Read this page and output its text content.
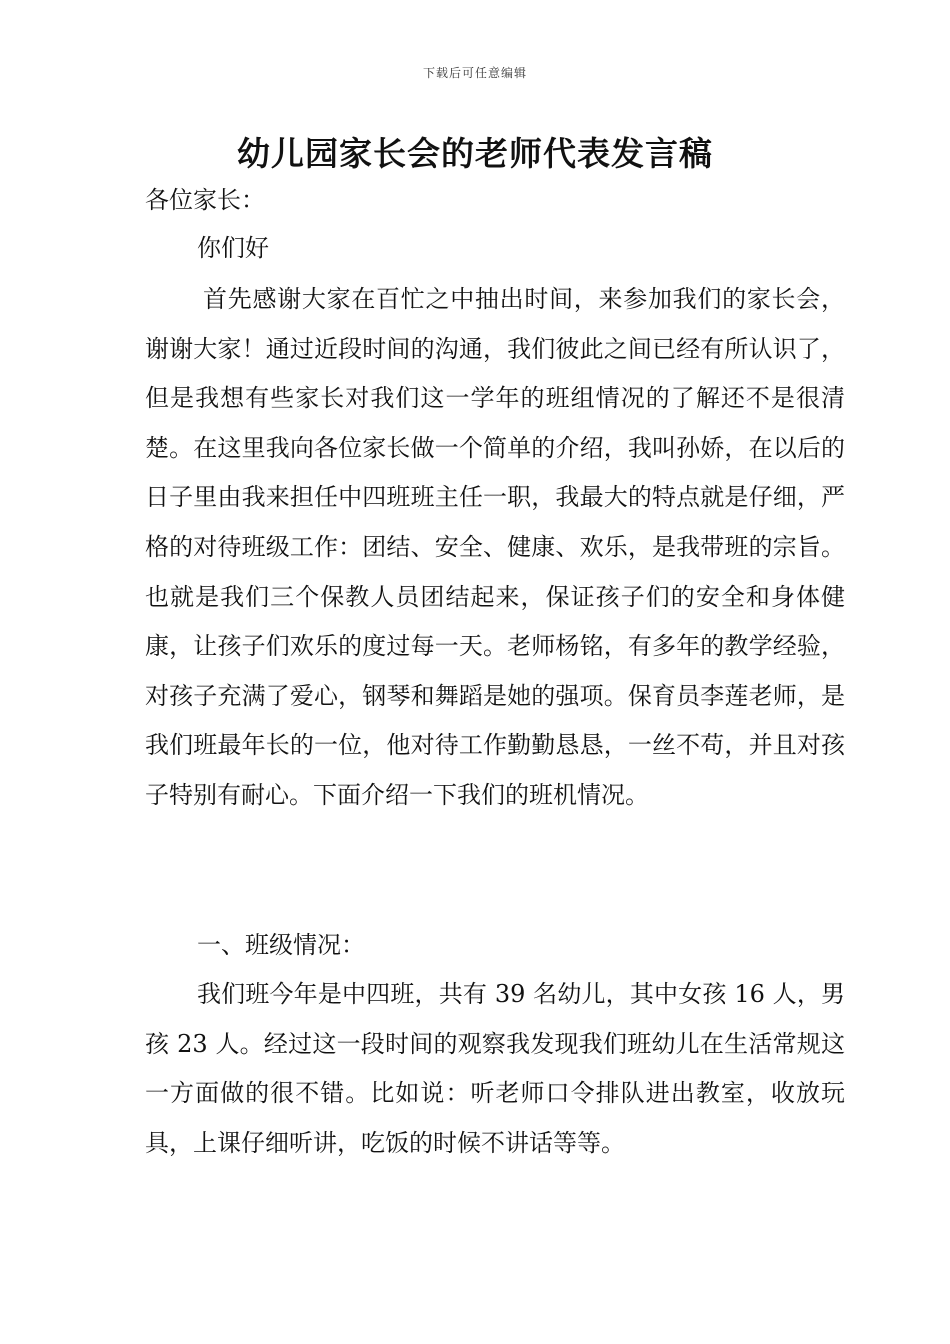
下载后可任意编辑
幼儿园家长会的老师代表发言稿
各位家长：

你们好

首先感谢大家在百忙之中抽出时间，来参加我们的家长会，谢谢大家！通过近段时间的沟通，我们彼此之间已经有所认识了，但是我想有些家长对我们这一学年的班组情况的了解还不是很清楚。在这里我向各位家长做一个简单的介绍，我叫孙娇，在以后的日子里由我来担任中四班班主任一职，我最大的特点就是仔细，严格的对待班级工作：团结、安全、健康、欢乐，是我带班的宗旨。也就是我们三个保教人员团结起来，保证孩子们的安全和身体健康，让孩子们欢乐的度过每一天。老师杨铭，有多年的教学经验，对孩子充满了爱心，钢琴和舞蹈是她的强项。保育员李莲老师，是我们班最年长的一位，他对待工作勤勤恳恳，一丝不苟，并且对孩子特别有耐心。下面介绍一下我们的班机情况。

一、班级情况：

我们班今年是中四班，共有 39 名幼儿，其中女孩 16 人，男孩 23 人。经过这一段时间的观察我发现我们班幼儿在生活常规这一方面做的很不错。比如说：听老师口令排队进出教室，收放玩具，上课仔细听讲，吃饭的时候不讲话等等。
